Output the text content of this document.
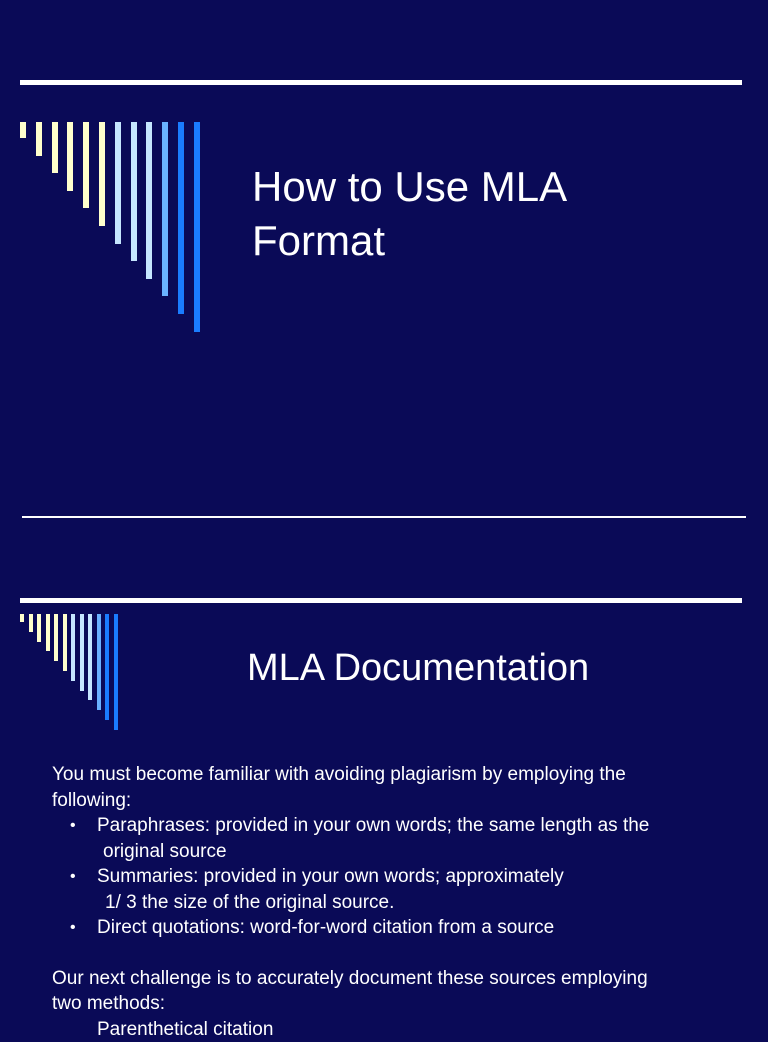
How to Use MLA
Format
MLA Documentation

You must become familiar with avoiding plagiarism by employing the
following:

• Paraphrases: provided in your own words; the same length as the
original source
• Summaries: provided in your own words; approximately
1/ 3 the size of the original source.
• Direct quotations: word-for-word citation from a source

Our next challenge is to accurately document these sources employing
two methods:

Parenthetical citation
